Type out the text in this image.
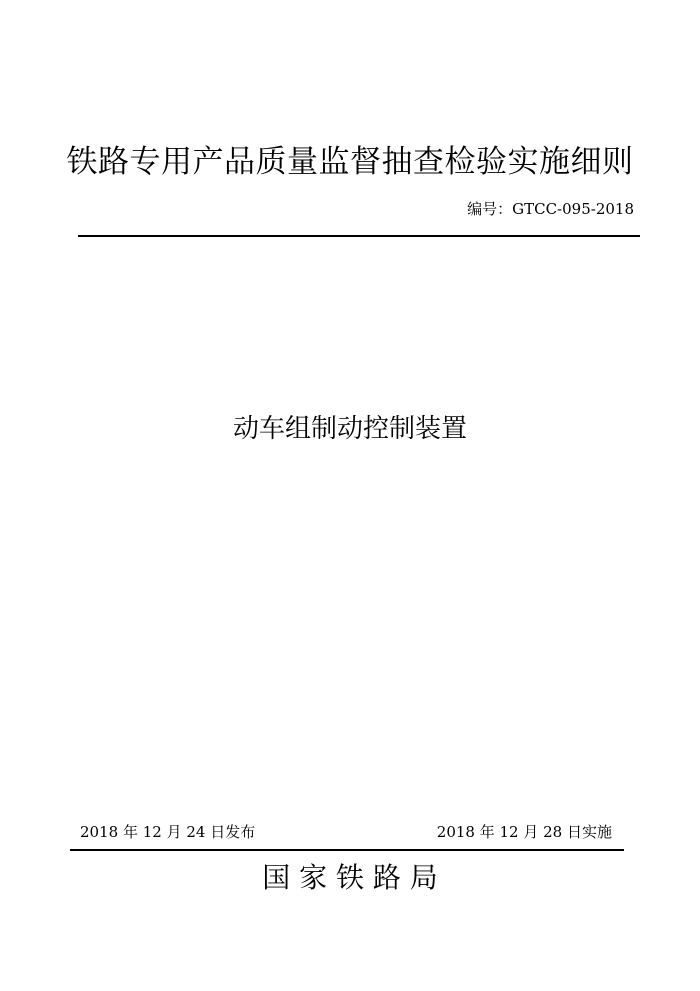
铁路专用产品质量监督抽查检验实施细则
编号：GTCC-095-2018
动车组制动控制装置
2018 年 12 月 24 日发布	2018 年 12 月 28 日实施
国 家 铁 路 局
